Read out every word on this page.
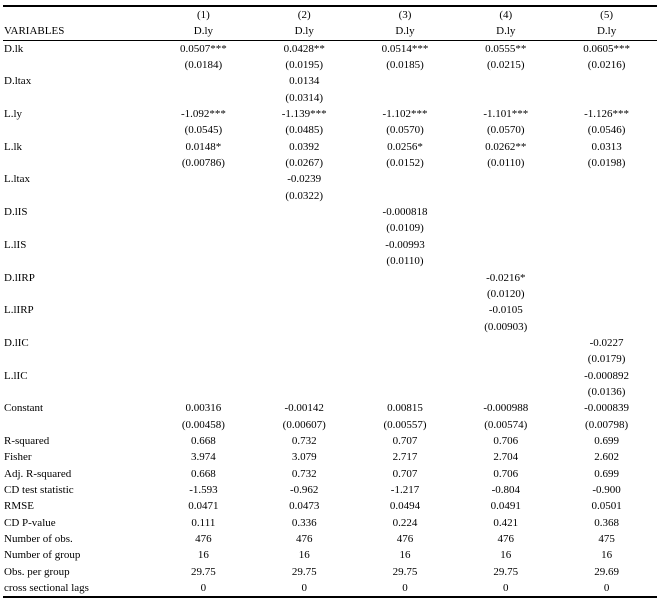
	(1)	(2)	(3)	(4)	(5)
VARIABLES	D.ly	D.ly	D.ly	D.ly	D.ly
D.lk	0.0507***	0.0428**	0.0514***	0.0555**	0.0605***
	(0.0184)	(0.0195)	(0.0185)	(0.0215)	(0.0216)
D.ltax		0.0134			
		(0.0314)			
L.ly	-1.092***	-1.139***	-1.102***	-1.101***	-1.126***
	(0.0545)	(0.0485)	(0.0570)	(0.0570)	(0.0546)
L.lk	0.0148*	0.0392	0.0256*	0.0262**	0.0313
	(0.00786)	(0.0267)	(0.0152)	(0.0110)	(0.0198)
L.ltax		-0.0239			
		(0.0322)			
D.lIS			-0.000818		
			(0.0109)		
L.lIS			-0.00993		
			(0.0110)		
D.lIRP				-0.0216*	
				(0.0120)	
L.lIRP				-0.0105	
				(0.00903)	
D.lIC					-0.0227
					(0.0179)
L.lIC					-0.000892
					(0.0136)
Constant	0.00316	-0.00142	0.00815	-0.000988	-0.000839
	(0.00458)	(0.00607)	(0.00557)	(0.00574)	(0.00798)
R-squared	0.668	0.732	0.707	0.706	0.699
Fisher	3.974	3.079	2.717	2.704	2.602
Adj. R-squared	0.668	0.732	0.707	0.706	0.699
CD test statistic	-1.593	-0.962	-1.217	-0.804	-0.900
RMSE	0.0471	0.0473	0.0494	0.0491	0.0501
CD P-value	0.111	0.336	0.224	0.421	0.368
Number of obs.	476	476	476	476	475
Number of group	16	16	16	16	16
Obs. per group	29.75	29.75	29.75	29.75	29.69
cross sectional lags	0	0	0	0	0
